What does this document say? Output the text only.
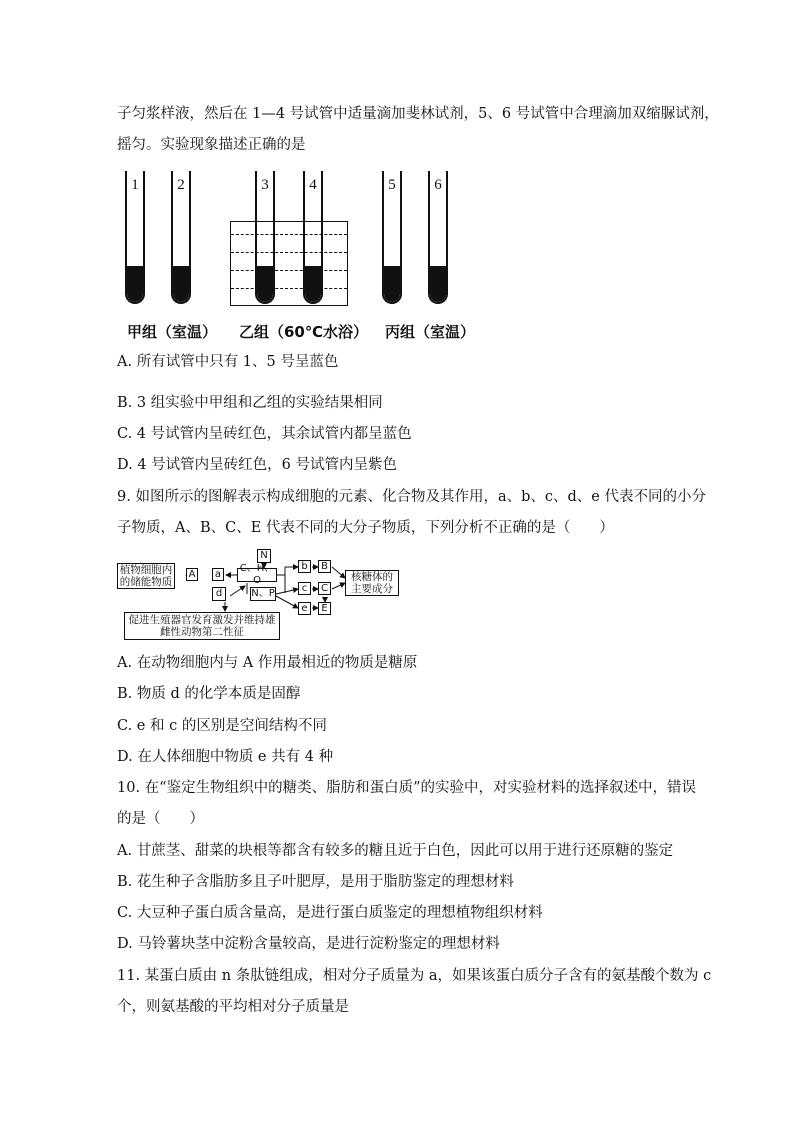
子匀浆样液，然后在 1—4 号试管中适量滴加斐林试剂，5、6 号试管中合理滴加双缩脲试剂，
摇匀。实验现象描述正确的是
1	2	3	4	5	6
甲组（室温） 乙组（60℃水浴） 丙组（室温）
A. 所有试管中只有 1、5 号呈蓝色
B. 3 组实验中甲组和乙组的实验结果相同
C. 4 号试管内呈砖红色，其余试管内都呈蓝色
D. 4 号试管内呈砖红色，6 号试管内呈紫色
9. 如图所示的图解表示构成细胞的元素、化合物及其作用，a、b、c、d、e 代表不同的小分
子物质，A、B、C、E 代表不同的大分子物质，下列分析不正确的是（　　）
植物细胞内的储能物质
A a C、H、O
N
N、P
d
b	B
c	C
e	E
核糖体的主要成分
促进生殖器官发育激发并维持雄雌性动物第二性征
A. 在动物细胞内与 A 作用最相近的物质是糖原
B. 物质 d 的化学本质是固醇
C. e 和 c 的区别是空间结构不同
D. 在人体细胞中物质 e 共有 4 种
10. 在“鉴定生物组织中的糖类、脂肪和蛋白质”的实验中，对实验材料的选择叙述中，错误
的是（　　）
A. 甘蔗茎、甜菜的块根等都含有较多的糖且近于白色，因此可以用于进行还原糖的鉴定
B. 花生种子含脂肪多且子叶肥厚，是用于脂肪鉴定的理想材料
C. 大豆种子蛋白质含量高，是进行蛋白质鉴定的理想植物组织材料
D. 马铃薯块茎中淀粉含量较高，是进行淀粉鉴定的理想材料
11. 某蛋白质由 n 条肽链组成，相对分子质量为 a，如果该蛋白质分子含有的氨基酸个数为 c
个，则氨基酸的平均相对分子质量是
